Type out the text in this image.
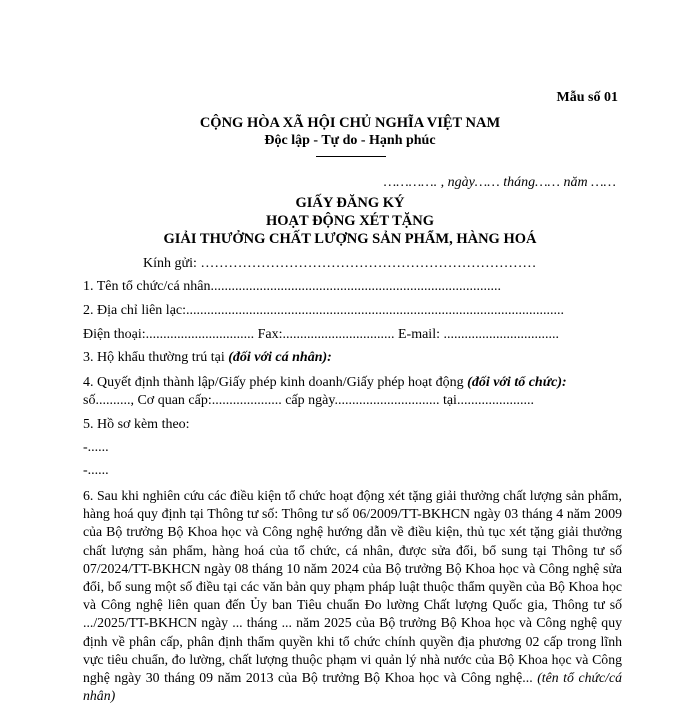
Mẫu số 01
CỘNG HÒA XÃ HỘI CHỦ NGHĨA VIỆT NAM
Độc lập - Tự do - Hạnh phúc
…………. , ngày…… tháng…… năm ……
GIẤY ĐĂNG KÝ
HOẠT ĐỘNG XÉT TẶNG
GIẢI THƯỞNG CHẤT LƯỢNG SẢN PHẨM, HÀNG HOÁ
Kính gửi: ………………………………………………………………
1. Tên tổ chức/cá nhân...................................................................................
2. Địa chỉ liên lạc:............................................................................................................
Điện thoại:............................... Fax:................................ E-mail: .................................
3. Hộ khẩu thường trú tại (đối với cá nhân):
4. Quyết định thành lập/Giấy phép kinh doanh/Giấy phép hoạt động (đối với tổ chức):
số.........., Cơ quan cấp:.................... cấp ngày.............................. tại......................
5. Hồ sơ kèm theo:
-......
-......
6. Sau khi nghiên cứu các điều kiện tổ chức hoạt động xét tặng giải thưởng chất lượng sản phẩm, hàng hoá quy định tại Thông tư số: Thông tư số 06/2009/TT-BKHCN ngày 03 tháng 4 năm 2009 của Bộ trưởng Bộ Khoa học và Công nghệ hướng dẫn về điều kiện, thủ tục xét tặng giải thưởng chất lượng sản phẩm, hàng hoá của tổ chức, cá nhân, được sửa đổi, bổ sung tại Thông tư số 07/2024/TT-BKHCN ngày 08 tháng 10 năm 2024 của Bộ trưởng Bộ Khoa học và Công nghệ sửa đổi, bổ sung một số điều tại các văn bản quy phạm pháp luật thuộc thẩm quyền của Bộ Khoa học và Công nghệ liên quan đến Ủy ban Tiêu chuẩn Đo lường Chất lượng Quốc gia, Thông tư số .../2025/TT-BKHCN ngày ... tháng ... năm 2025 của Bộ trưởng Bộ Khoa học và Công nghệ quy định về phân cấp, phân định thẩm quyền khi tổ chức chính quyền địa phương 02 cấp trong lĩnh vực tiêu chuẩn, đo lường, chất lượng thuộc phạm vi quản lý nhà nước của Bộ Khoa học và Công nghệ ngày 30 tháng 09 năm 2013 của Bộ trưởng Bộ Khoa học và Công nghệ... (tên tổ chức/cá nhân)
